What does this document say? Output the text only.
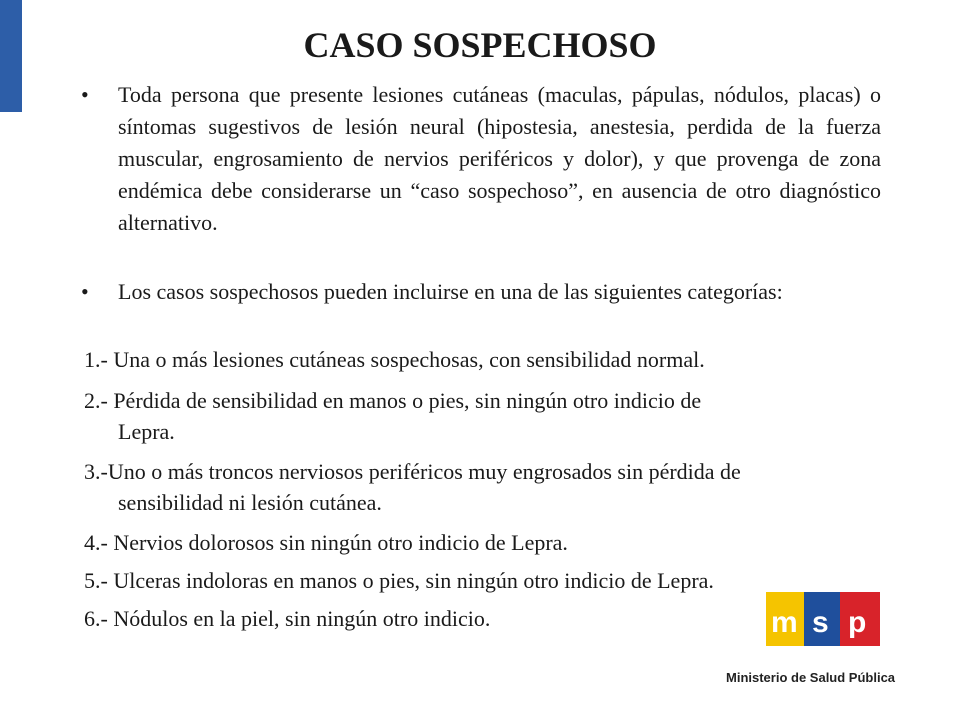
CASO SOSPECHOSO
• Toda persona que presente lesiones cutáneas (maculas, pápulas, nódulos, placas) o síntomas sugestivos de lesión neural (hipostesia, anestesia, perdida de la fuerza muscular, engrosamiento de nervios periféricos y dolor), y que provenga de zona endémica debe considerarse un “caso sospechoso”, en ausencia de otro diagnóstico alternativo.
• Los casos sospechosos pueden incluirse en una de las siguientes categorías:
1.- Una o más lesiones cutáneas sospechosas, con sensibilidad normal.
2.- Pérdida de sensibilidad en manos o pies, sin ningún otro indicio de
Lepra.
3.-Uno o más troncos nerviosos periféricos muy engrosados sin pérdida de
sensibilidad ni lesión cutánea.
4.- Nervios dolorosos sin ningún otro indicio de Lepra.
5.- Ulceras indoloras en manos o pies, sin ningún otro indicio de Lepra.
6.- Nódulos en la piel, sin ningún otro indicio.	m s p
Ministerio de Salud Pública
